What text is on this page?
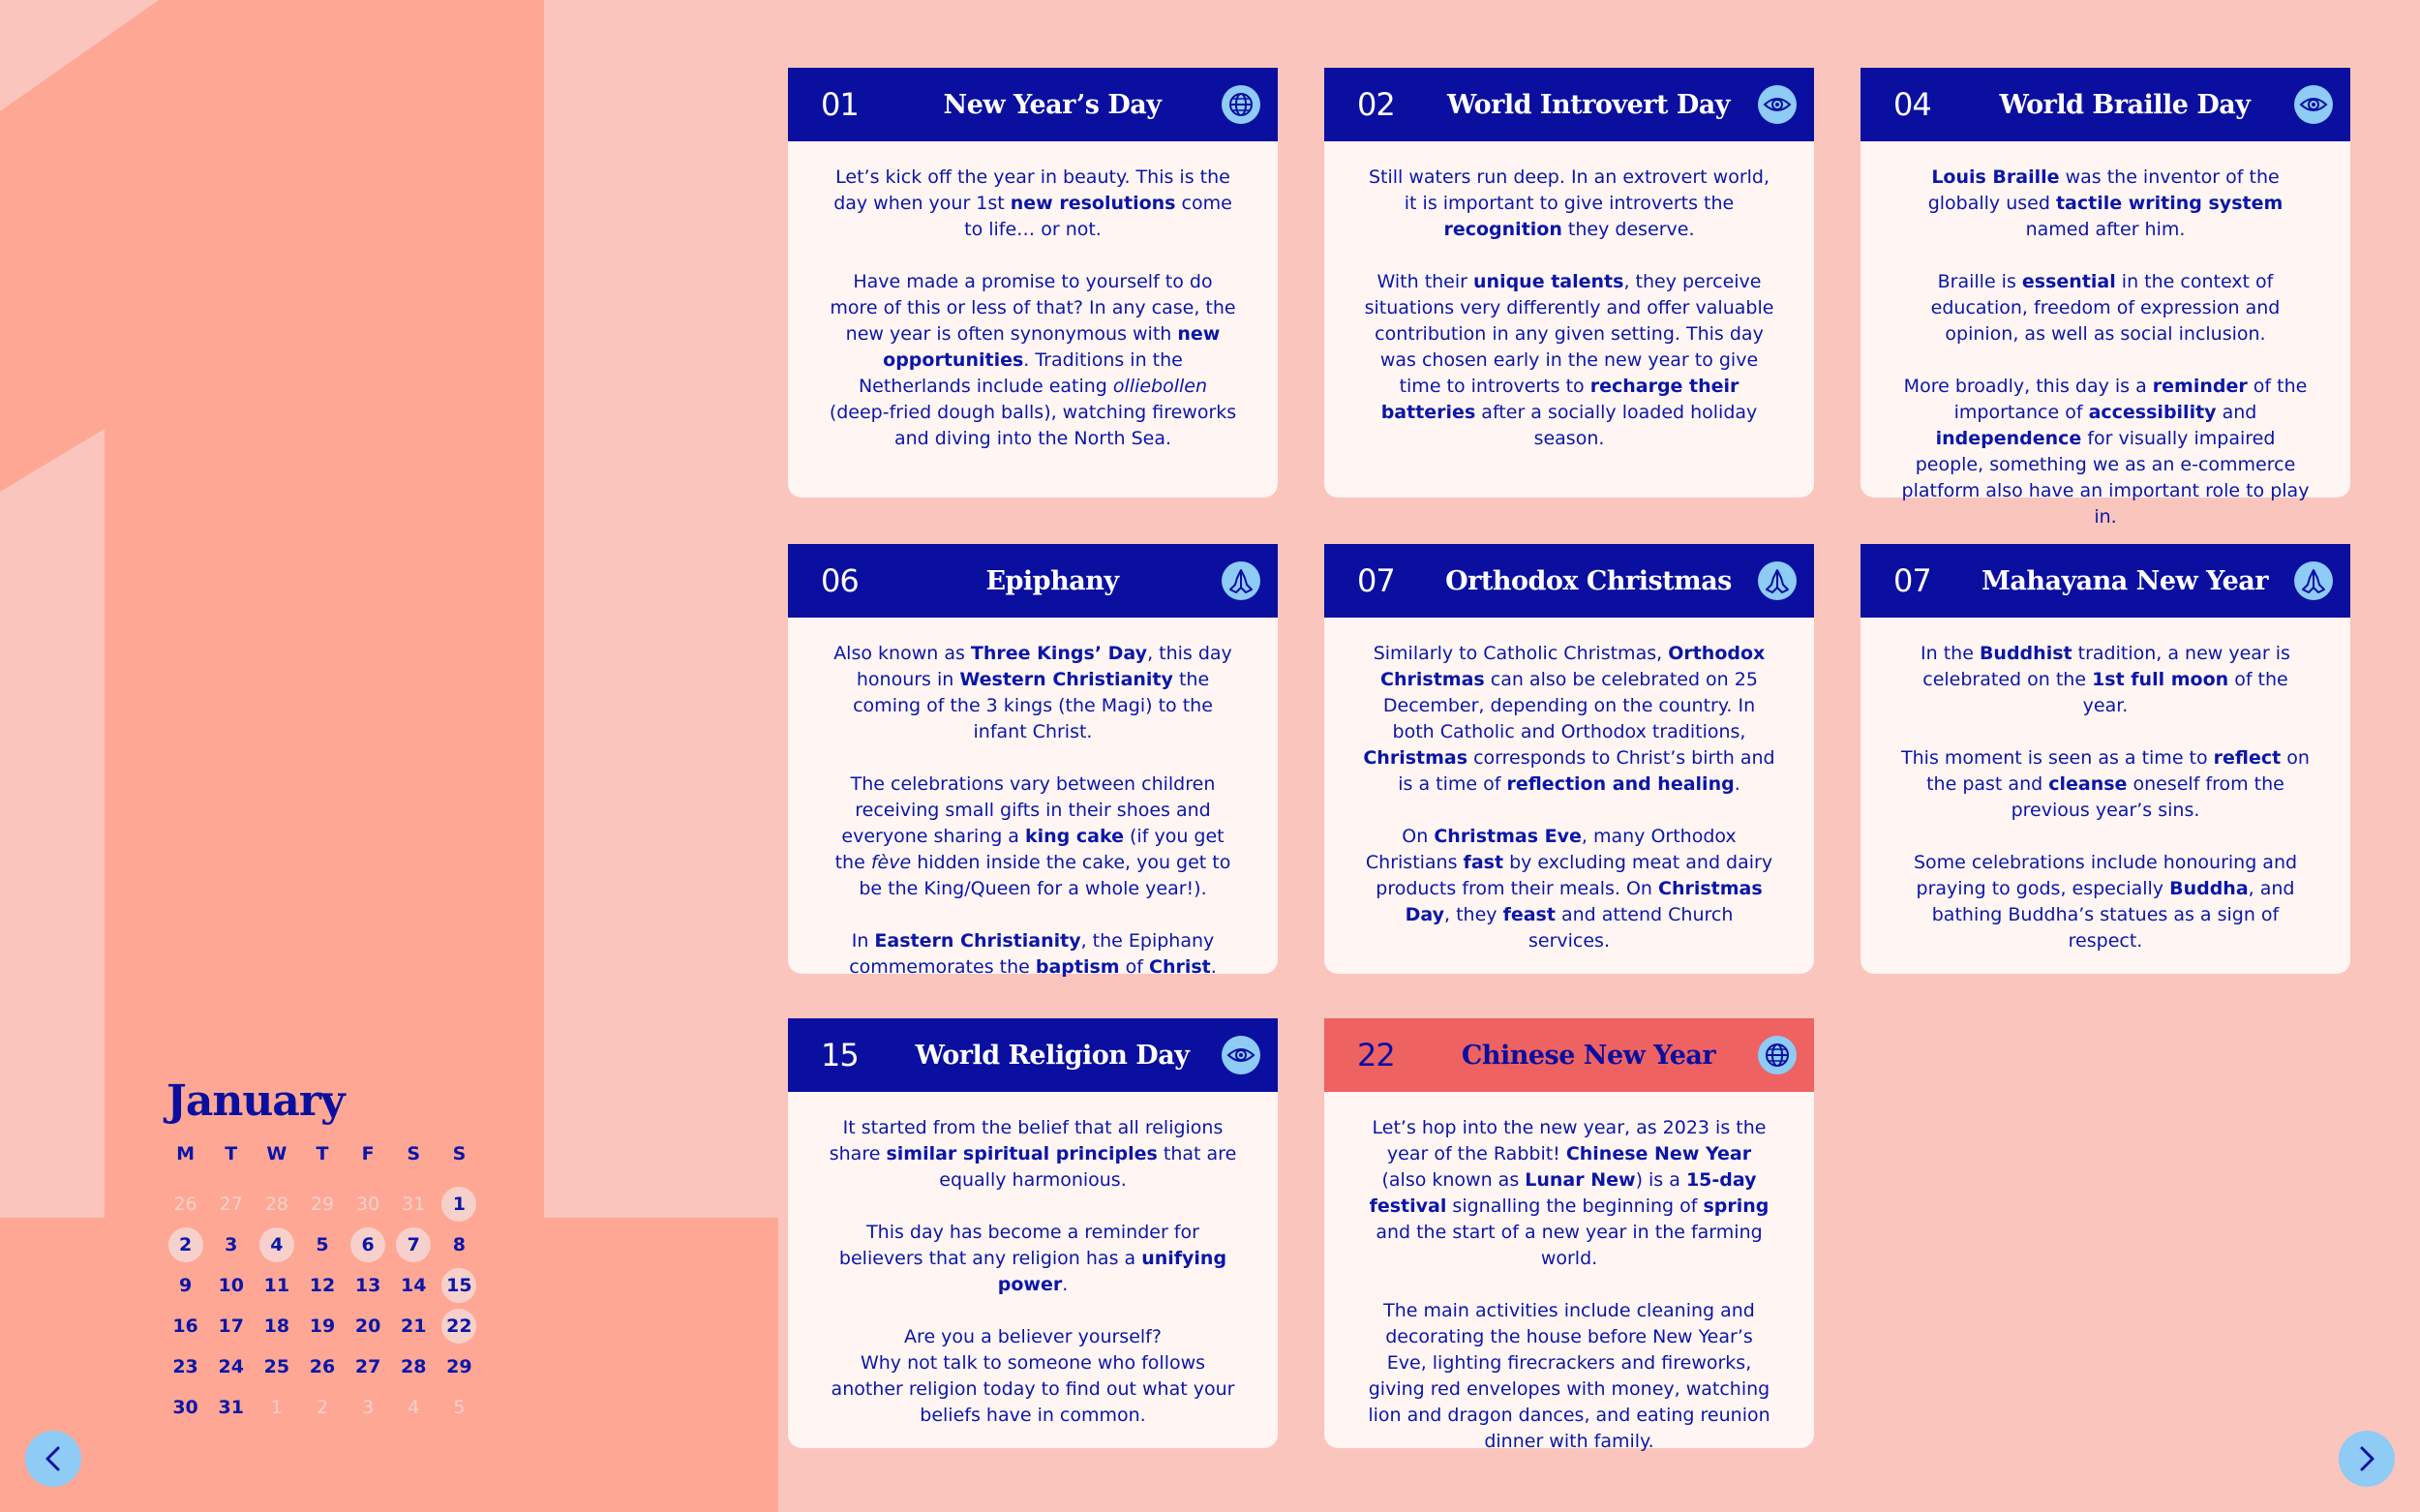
January
M	T	W	T	F	S	S
26	27	28	29	30	31	1
2	3	4	5	6	7	8
9	10 11 12 13 14 15
16 17 18 19 20 21 22
23 24 25 26 27 28 29
30 31	1	2	3	4	5
01	New Year’s Day

Let’s kick off the year in beauty. This is the day when your 1st new resolutions come to life… or not.

Have made a promise to yourself to do more of this or less of that? In any case, the new year is often synonymous with new opportunities. Traditions in the Netherlands include eating olliebollen (deep-fried dough balls), watching fireworks and diving into the North Sea.

02	World Introvert Day

Still waters run deep. In an extrovert world, it is important to give introverts the recognition they deserve.

With their unique talents, they perceive situations very differently and offer valuable contribution in any given setting. This day was chosen early in the new year to give time to introverts to recharge their batteries after a socially loaded holiday season.

04	World Braille Day

Louis Braille was the inventor of the globally used tactile writing system named after him.

Braille is essential in the context of education, freedom of expression and opinion, as well as social inclusion.

More broadly, this day is a reminder of the importance of accessibility and independence for visually impaired people, something we as an e-commerce platform also have an important role to play in.

06	Epiphany

Also known as Three Kings’ Day, this day honours in Western Christianity the coming of the 3 kings (the Magi) to the infant Christ.

The celebrations vary between children receiving small gifts in their shoes and everyone sharing a king cake (if you get the fève hidden inside the cake, you get to be the King/Queen for a whole year!).

In Eastern Christianity, the Epiphany commemorates the baptism of Christ.

07	Orthodox Christmas

Similarly to Catholic Christmas, Orthodox Christmas can also be celebrated on 25 December, depending on the country. In both Catholic and Orthodox traditions, Christmas corresponds to Christ’s birth and is a time of reflection and healing.

On Christmas Eve, many Orthodox Christians fast by excluding meat and dairy products from their meals. On Christmas Day, they feast and attend Church services.

07	Mahayana New Year

In the Buddhist tradition, a new year is celebrated on the 1st full moon of the year.

This moment is seen as a time to reflect on the past and cleanse oneself from the previous year’s sins.

Some celebrations include honouring and praying to gods, especially Buddha, and bathing Buddha’s statues as a sign of respect.

15	World Religion Day

It started from the belief that all religions share similar spiritual principles that are equally harmonious.

This day has become a reminder for believers that any religion has a unifying power.

Are you a believer yourself?
Why not talk to someone who follows another religion today to find out what your beliefs have in common.

22	Chinese New Year

Let’s hop into the new year, as 2023 is the year of the Rabbit! Chinese New Year (also known as Lunar New) is a 15-day festival signalling the beginning of spring and the start of a new year in the farming world.

The main activities include cleaning and decorating the house before New Year’s Eve, lighting firecrackers and fireworks, giving red envelopes with money, watching lion and dragon dances, and eating reunion dinner with family.
